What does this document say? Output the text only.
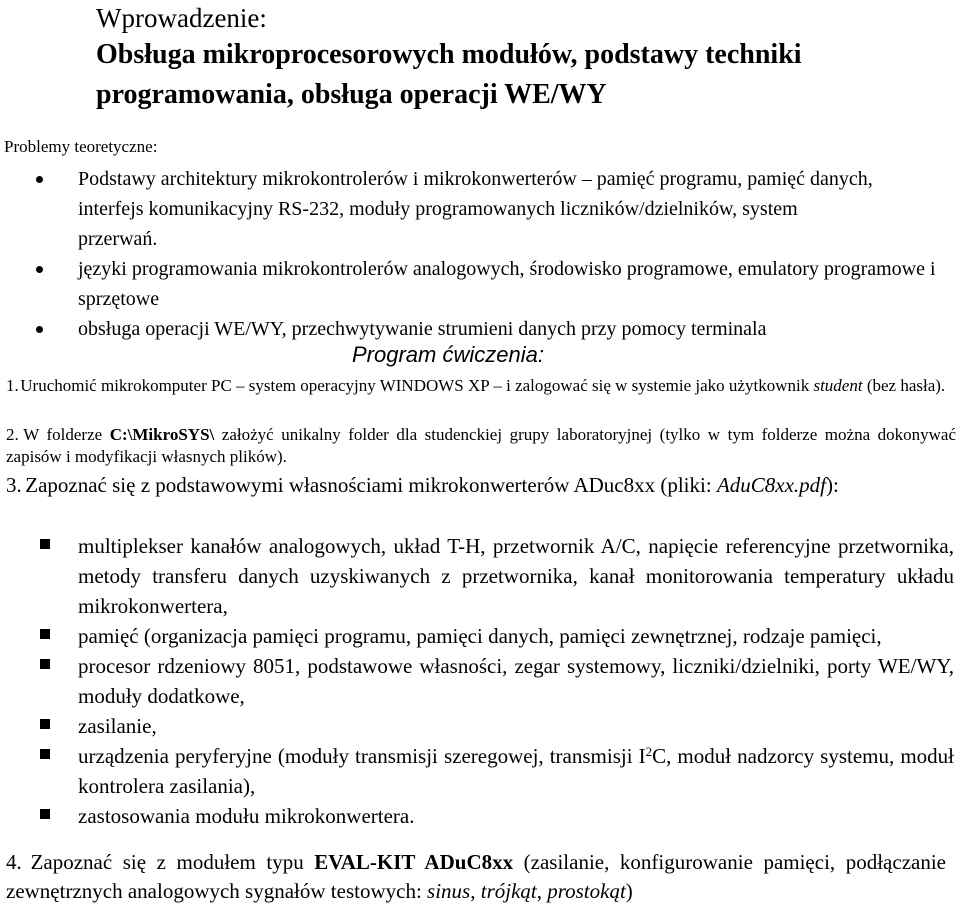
Wprowadzenie:
Obsługa mikroprocesorowych modułów, podstawy techniki
programowania, obsługa operacji WE/WY
Problemy teoretyczne:
Podstawy architektury mikrokontrolerów i mikrokonwerterów – pamięć programu, pamięć danych, interfejs komunikacyjny RS-232, moduły programowanych liczników/dzielników, system przerwań.
języki programowania mikrokontrolerów analogowych, środowisko programowe, emulatory programowe i sprzętowe
obsługa operacji WE/WY, przechwytywanie strumieni danych przy pomocy terminala
Program ćwiczenia:
1. Uruchomić mikrokomputer PC – system operacyjny WINDOWS XP – i zalogować się w systemie jako użytkownik student (bez hasła).
2. W folderze C:\MikroSYS\ założyć unikalny folder dla studenckiej grupy laboratoryjnej (tylko w tym folderze można dokonywać zapisów i modyfikacji własnych plików).
3. Zapoznać się z podstawowymi własnościami mikrokonwerterów ADuc8xx (pliki: AduC8xx.pdf):
multiplekser kanałów analogowych, układ T-H, przetwornik A/C, napięcie referencyjne przetwornika, metody transferu danych uzyskiwanych z przetwornika, kanał monitorowania temperatury układu mikrokonwertera,
pamięć (organizacja pamięci programu, pamięci danych, pamięci zewnętrznej, rodzaje pamięci,
procesor rdzeniowy 8051, podstawowe własności, zegar systemowy, liczniki/dzielniki, porty WE/WY, moduły dodatkowe,
zasilanie,
urządzenia peryferyjne (moduły transmisji szeregowej, transmisji $I^2C$, moduł nadzorcy systemu, moduł kontrolera zasilania),
zastosowania modułu mikrokonwertera.
4. Zapoznać się z modułem typu EVAL-KIT ADuC8xx (zasilanie, konfigurowanie pamięci, podłączanie zewnętrznych analogowych sygnałów testowych: sinus, trójkąt, prostokąt)
